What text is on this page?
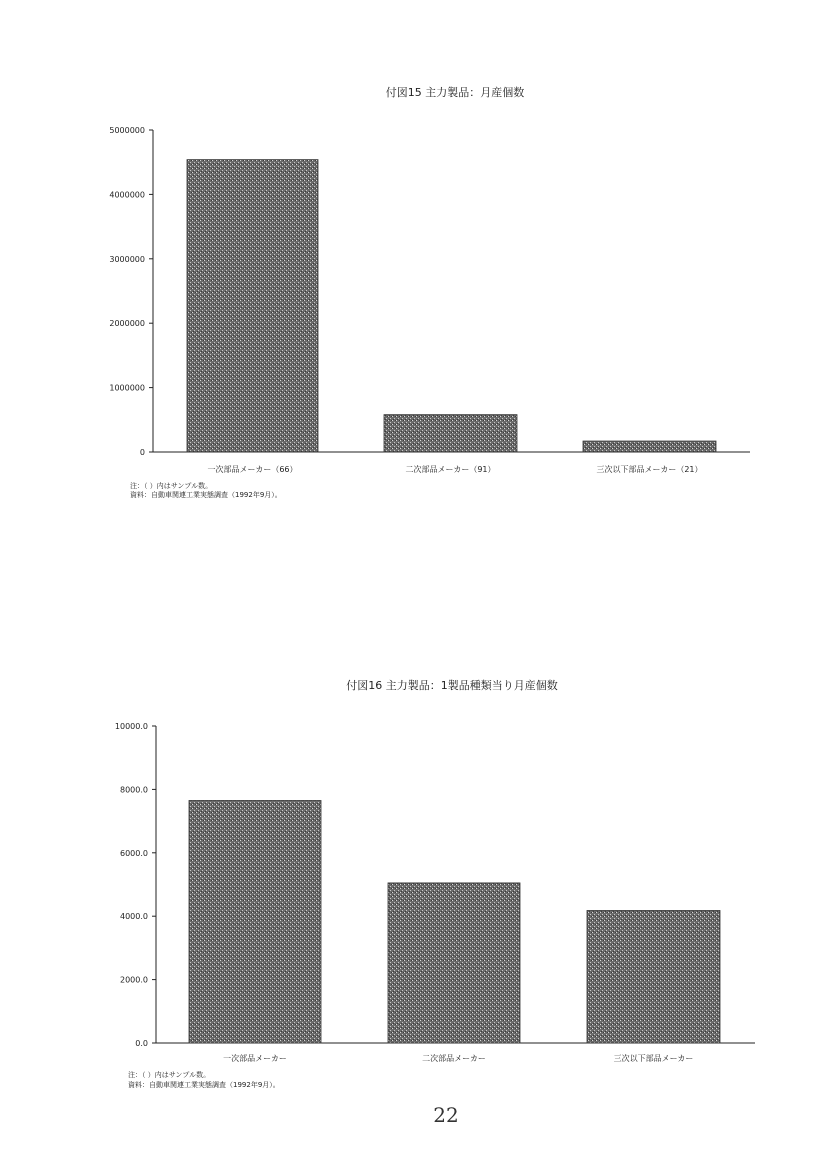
付図15 主力製品：月産個数
0
1000000
2000000
3000000
4000000
5000000
一次部品メーカー（66）	二次部品メーカー（91）	三次以下部品メーカー（21）
注：（ ）内はサンプル数。
資料：自動車関連工業実態調査（1992年9月）。
付図16 主力製品：1製品種類当り月産個数
0.0
2000.0
4000.0
6000.0
8000.0
10000.0
一次部品メーカー	二次部品メーカー	三次以下部品メーカー
注：（ ）内はサンプル数。
資料：自動車関連工業実態調査（1992年9月）。
22
